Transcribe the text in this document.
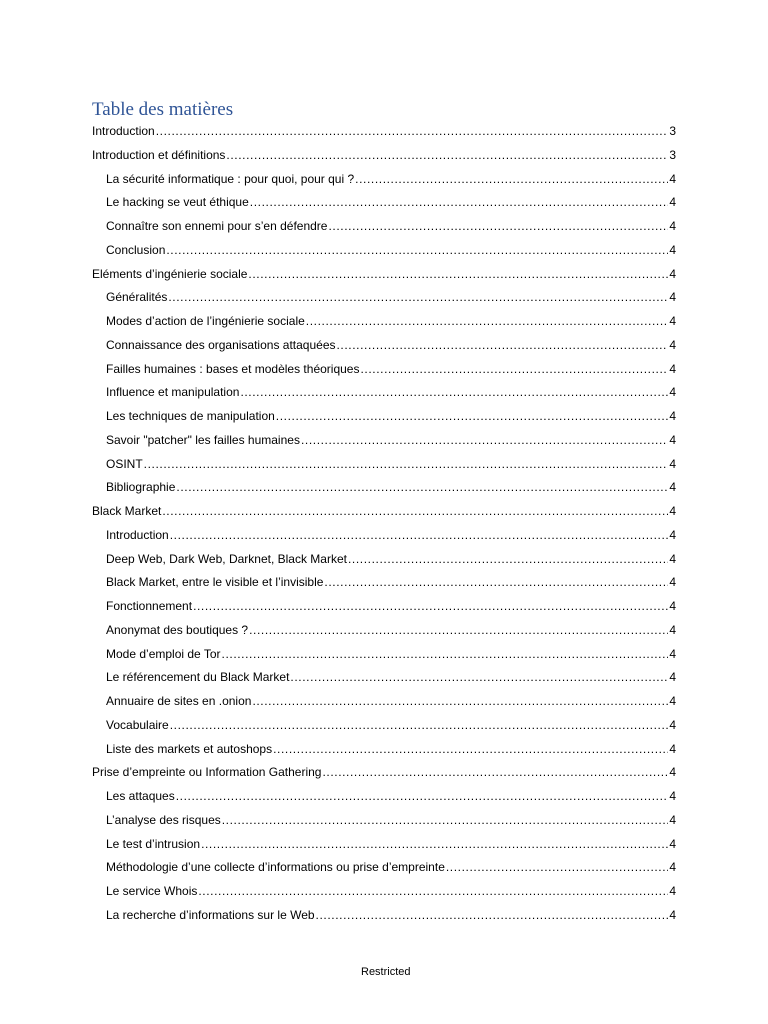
Table des matières
Introduction .....	3
Introduction et définitions .....	3
La sécurité informatique : pour quoi, pour qui ? .....	4
Le hacking se veut éthique .....	4
Connaître son ennemi pour s’en défendre .....	4
Conclusion .....	4
Eléments d’ingénierie sociale .....	4
Généralités .....	4
Modes d’action de l’ingénierie sociale .....	4
Connaissance des organisations attaquées .....	4
Failles humaines : bases et modèles théoriques .....	4
Influence et manipulation .....	4
Les techniques de manipulation .....	4
Savoir "patcher" les failles humaines .....	4
OSINT .....	4
Bibliographie .....	4
Black Market .....	4
Introduction .....	4
Deep Web, Dark Web, Darknet, Black Market .....	4
Black Market, entre le visible et l’invisible .....	4
Fonctionnement .....	4
Anonymat des boutiques ? .....	4
Mode d’emploi de Tor .....	4
Le référencement du Black Market .....	4
Annuaire de sites en .onion .....	4
Vocabulaire .....	4
Liste des markets et autoshops .....	4
Prise d’empreinte ou Information Gathering .....	4
Les attaques .....	4
L’analyse des risques .....	4
Le test d’intrusion .....	4
Méthodologie d’une collecte d’informations ou prise d’empreinte .....	4
Le service Whois .....	4
La recherche d’informations sur le Web .....	4
Restricted
